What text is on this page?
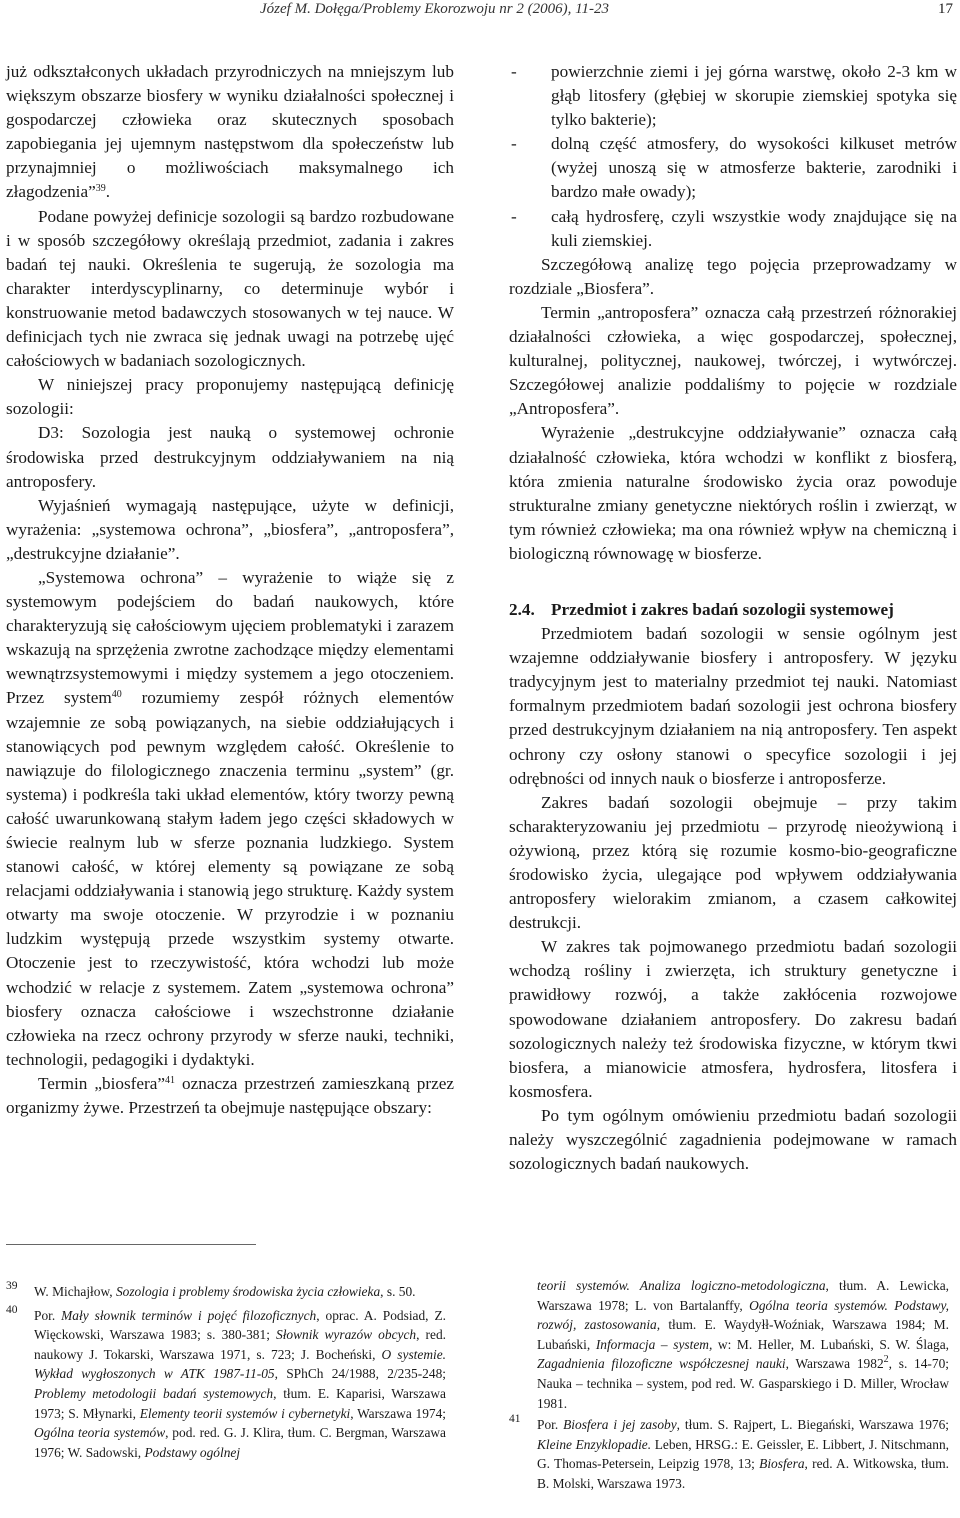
Józef M. Dołęga/Problemy Ekorozwoju nr 2 (2006), 11-23	17

już odkształconych układach przyrodniczych na mniejszym lub większym obszarze biosfery w wyniku działalności społecznej i gospodarczej człowieka oraz skutecznych sposobach zapobiegania jej ujemnym następstwom dla społeczeństw lub przynajmniej o możliwościach maksymalnego ich złagodzenia”$^{39}$.

Podane powyżej definicje sozologii są bardzo rozbudowane i w sposób szczegółowy określają przedmiot, zadania i zakres badań tej nauki. Określenia te sugerują, że sozologia ma charakter interdyscyplinarny, co determinuje wybór i konstruowanie metod badawczych stosowanych w tej nauce. W definicjach tych nie zwraca się jednak uwagi na potrzebę ujęć całościowych w badaniach sozologicznych.

W niniejszej pracy proponujemy następującą definicję sozologii:

D3: Sozologia jest nauką o systemowej ochronie środowiska przed destrukcyjnym oddziaływaniem na nią antroposfery.

Wyjaśnień wymagają następujące, użyte w definicji, wyrażenia: „systemowa ochrona”, „biosfera”, „antroposfera”, „destrukcyjne działanie”.

„Systemowa ochrona” – wyrażenie to wiąże się z systemowym podejściem do badań naukowych, które charakteryzują się całościowym ujęciem problematyki i zarazem wskazują na sprzężenia zwrotne zachodzące między elementami wewnątrzsystemowymi i między systemem a jego otoczeniem. Przez system$^{40}$ rozumiemy zespół różnych elementów wzajemnie ze sobą powiązanych, na siebie oddziałujących i stanowiących pod pewnym względem całość. Określenie to nawiązuje do filologicznego znaczenia terminu „system” (gr. systema) i podkreśla taki układ elementów, który tworzy pewną całość uwarunkowaną stałym ładem jego części składowych w świecie realnym lub w sferze poznania ludzkiego. System stanowi całość, w której elementy są powiązane ze sobą relacjami oddziaływania i stanowią jego strukturę. Każdy system otwarty ma swoje otoczenie. W przyrodzie i w poznaniu ludzkim występują przede wszystkim systemy otwarte. Otoczenie jest to rzeczywistość, która wchodzi lub może wchodzić w relacje z systemem. Zatem „systemowa ochrona” biosfery oznacza całościowe i wszechstronne działanie człowieka na rzecz ochrony przyrody w sferze nauki, techniki, technologii, pedagogiki i dydaktyki.

Termin „biosfera”$^{41}$ oznacza przestrzeń zamieszkaną przez organizmy żywe. Przestrzeń ta obejmuje następujące obszary:

- powierzchnie ziemi i jej górna warstwę, około 2-3 km w głąb litosfery (głębiej w skorupie ziemskiej spotyka się tylko bakterie);
- dolną część atmosfery, do wysokości kilkuset metrów (wyżej unoszą się w atmosferze bakterie, zarodniki i bardzo małe owady);
- całą hydrosferę, czyli wszystkie wody znajdujące się na kuli ziemskiej.

Szczegółową analizę tego pojęcia przeprowadzamy w rozdziale „Biosfera”.

Termin „antroposfera” oznacza całą przestrzeń różnorakiej działalności człowieka, a więc gospodarczej, społecznej, kulturalnej, politycznej, naukowej, twórczej, i wytwórczej. Szczegółowej analizie poddaliśmy to pojęcie w rozdziale „Antroposfera”.

Wyrażenie „destrukcyjne oddziaływanie” oznacza całą działalność człowieka, która wchodzi w konflikt z biosferą, która zmienia naturalne środowisko życia oraz powoduje strukturalne zmiany genetyczne niektórych roślin i zwierząt, w tym również człowieka; ma ona również wpływ na chemiczną i biologiczną równowagę w biosferze.

2.4. Przedmiot i zakres badań sozologii systemowej

Przedmiotem badań sozologii w sensie ogólnym jest wzajemne oddziaływanie biosfery i antroposfery. W języku tradycyjnym jest to materialny przedmiot tej nauki. Natomiast formalnym przedmiotem badań sozologii jest ochrona biosfery przed destrukcyjnym działaniem na nią antroposfery. Ten aspekt ochrony czy osłony stanowi o specyfice sozologii i jej odrębności od innych nauk o biosferze i antroposferze.

Zakres badań sozologii obejmuje – przy takim scharakteryzowaniu jej przedmiotu – przyrodę nieożywioną i ożywioną, przez którą się rozumie kosmo-bio-geograficzne środowisko życia, ulegające pod wpływem oddziaływania antroposfery wielorakim zmianom, a czasem całkowitej destrukcji.

W zakres tak pojmowanego przedmiotu badań sozologii wchodzą rośliny i zwierzęta, ich struktury genetyczne i prawidłowy rozwój, a także zakłócenia rozwojowe spowodowane działaniem antroposfery. Do zakresu badań sozologicznych należy też środowiska fizyczne, w którym tkwi biosfera, a mianowicie atmosfera, hydrosfera, litosfera i kosmosfera.

Po tym ogólnym omówieniu przedmiotu badań sozologii należy wyszczególnić zagadnienia podejmowane w ramach sozologicznych badań naukowych.

39 W. Michajłow, Sozologia i problemy środowiska życia człowieka, s. 50.

40 Por. Mały słownik terminów i pojęć filozoficznych, oprac. A. Podsiad, Z. Więckowski, Warszawa 1983; s. 380-381; Słownik wyrazów obcych, red. naukowy J. Tokarski, Warszawa 1971, s. 723; J. Bocheński, O systemie. Wykład wygłoszonych w ATK 1987-11-05, SPhCh 24/1988, 2/235-248; Problemy metodologii badań systemowych, tłum. E. Kaparisi, Warszawa 1973; S. Młynarki, Elementy teorii systemów i cybernetyki, Warszawa 1974; Ogólna teoria systemów, pod. red. G. J. Klira, tłum. C. Bergman, Warszawa 1976; W. Sadowski, Podstawy ogólnej

teorii systemów. Analiza logiczno-metodologiczna, tłum. A. Lewicka, Warszawa 1978; L. von Bartalanffy, Ogólna teoria systemów. Podstawy, rozwój, zastosowania, tłum. E. Waydyłł-Woźniak, Warszawa 1984; M. Lubański, Informacja – system, w: M. Heller, M. Lubański, S. W. Ślaga, Zagadnienia filozoficzne współczesnej nauki, Warszawa 1982$^2$, s. 14-70; Nauka – technika – system, pod red. W. Gasparskiego i D. Miller, Wrocław 1981.

41 Por. Biosfera i jej zasoby, tłum. S. Rajpert, L. Biegański, Warszawa 1976; Kleine Enzyklopadie. Leben, HRSG.: E. Geissler, E. Libbert, J. Nitschmann, G. Thomas-Petersein, Leipzig 1978, 13; Biosfera, red. A. Witkowska, tłum. B. Molski, Warszawa 1973.
